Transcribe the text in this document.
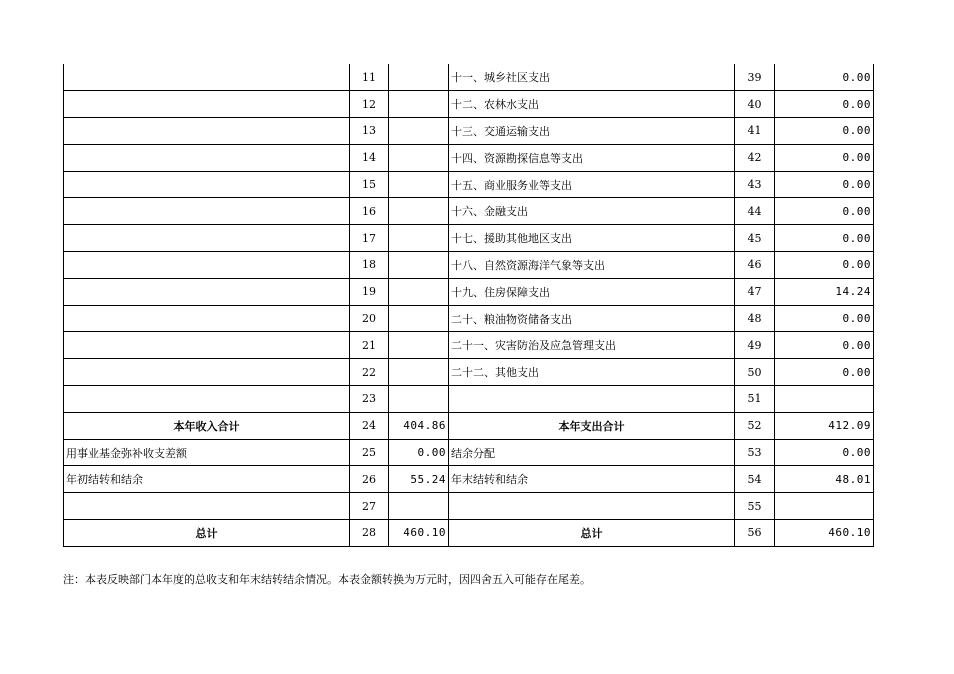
	11		十一、城乡社区支出	39	0.00
	12		十二、农林水支出	40	0.00
	13		十三、交通运输支出	41	0.00
	14		十四、资源勘探信息等支出	42	0.00
	15		十五、商业服务业等支出	43	0.00
	16		十六、金融支出	44	0.00
	17		十七、援助其他地区支出	45	0.00
	18		十八、自然资源海洋气象等支出	46	0.00
	19		十九、住房保障支出	47	14.24
	20		二十、粮油物资储备支出	48	0.00
	21		二十一、灾害防治及应急管理支出	49	0.00
	22		二十二、其他支出	50	0.00
	23			51	
本年收入合计	24	404.86	本年支出合计	52	412.09
用事业基金弥补收支差额	25	0.00	结余分配	53	0.00
年初结转和结余	26	55.24	年末结转和结余	54	48.01
	27			55	
总计	28	460.10	总计	56	460.10
注：本表反映部门本年度的总收支和年末结转结余情况。本表金额转换为万元时，因四舍五入可能存在尾差。
